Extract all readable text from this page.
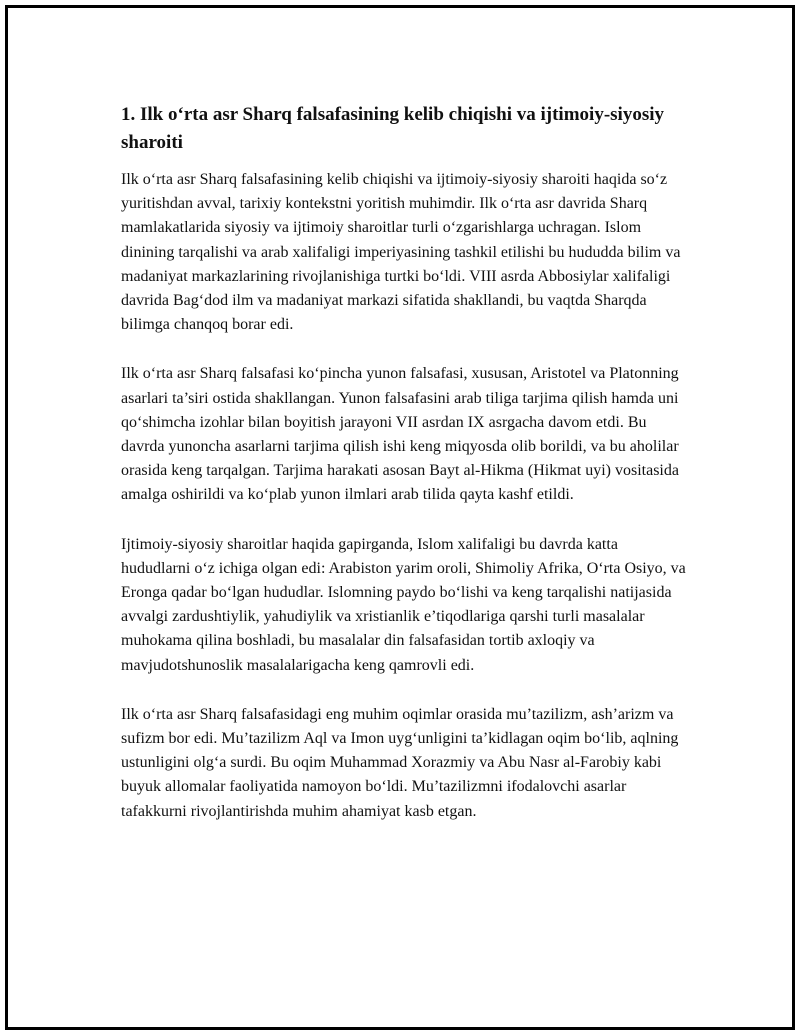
1. Ilk o‘rta asr Sharq falsafasining kelib chiqishi va ijtimoiy-siyosiy sharoiti

Ilk o‘rta asr Sharq falsafasining kelib chiqishi va ijtimoiy-siyosiy sharoiti haqida so‘z yuritishdan avval, tarixiy kontekstni yoritish muhimdir. Ilk o‘rta asr davrida Sharq mamlakatlarida siyosiy va ijtimoiy sharoitlar turli o‘zgarishlarga uchragan. Islom dinining tarqalishi va arab xalifaligi imperiyasining tashkil etilishi bu hududda bilim va madaniyat markazlarining rivojlanishiga turtki bo‘ldi. VIII asrda Abbosiylar xalifaligi davrida Bag‘dod ilm va madaniyat markazi sifatida shakllandi, bu vaqtda Sharqda bilimga chanqoq borar edi.

Ilk o‘rta asr Sharq falsafasi ko‘pincha yunon falsafasi, xususan, Aristotel va Platonning asarlari ta’siri ostida shakllangan. Yunon falsafasini arab tiliga tarjima qilish hamda uni qo‘shimcha izohlar bilan boyitish jarayoni VII asrdan IX asrgacha davom etdi. Bu davrda yunoncha asarlarni tarjima qilish ishi keng miqyosda olib borildi, va bu aholilar orasida keng tarqalgan. Tarjima harakati asosan Bayt al-Hikma (Hikmat uyi) vositasida amalga oshirildi va ko‘plab yunon ilmlari arab tilida qayta kashf etildi.

Ijtimoiy-siyosiy sharoitlar haqida gapirganda, Islom xalifaligi bu davrda katta hududlarni o‘z ichiga olgan edi: Arabiston yarim oroli, Shimoliy Afrika, O‘rta Osiyo, va Eronga qadar bo‘lgan hududlar. Islomning paydo bo‘lishi va keng tarqalishi natijasida avvalgi zardushtiylik, yahudiylik va xristianlik e’tiqodlariga qarshi turli masalalar muhokama qilina boshladi, bu masalalar din falsafasidan tortib axloqiy va mavjudotshunoslik masalalarigacha keng qamrovli edi.

Ilk o‘rta asr Sharq falsafasidagi eng muhim oqimlar orasida mu’tazilizm, ash’arizm va sufizm bor edi. Mu’tazilizm Aql va Imon uyg‘unligini ta’kidlagan oqim bo‘lib, aqlning ustunligini olg‘a surdi. Bu oqim Muhammad Xorazmiy va Abu Nasr al-Farobiy kabi buyuk allomalar faoliyatida namoyon bo‘ldi. Mu’tazilizmni ifodalovchi asarlar tafakkurni rivojlantirishda muhim ahamiyat kasb etgan.
